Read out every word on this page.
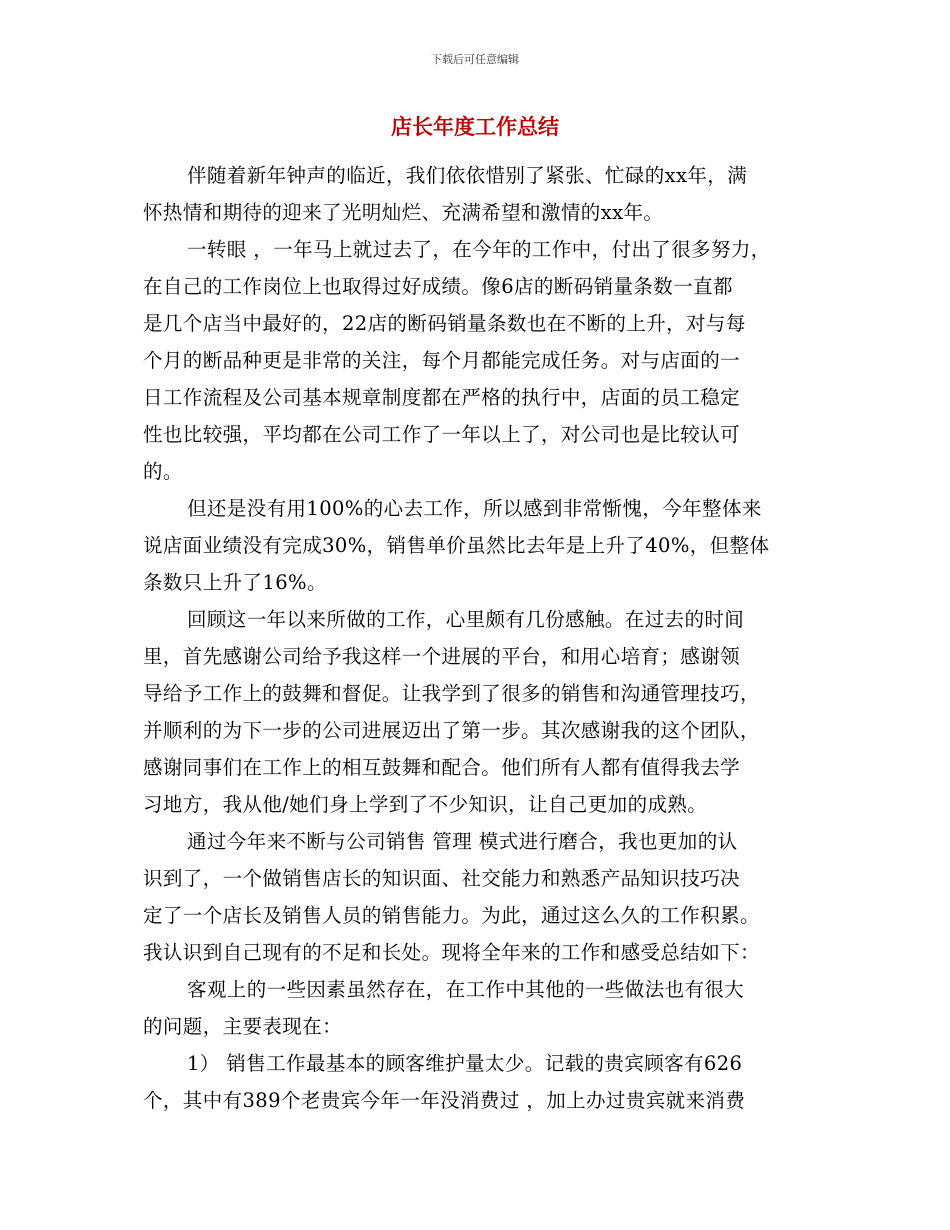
下载后可任意编辑
店长年度工作总结
伴随着新年钟声的临近，我们依依惜别了紧张、忙碌的xx年，满
怀热情和期待的迎来了光明灿烂、充满希望和激情的xx年。
一转眼 ，一年马上就过去了，在今年的工作中，付出了很多努力，
在自己的工作岗位上也取得过好成绩。像6店的断码销量条数一直都
是几个店当中最好的，22店的断码销量条数也在不断的上升，对与每
个月的断品种更是非常的关注，每个月都能完成任务。对与店面的一
日工作流程及公司基本规章制度都在严格的执行中，店面的员工稳定
性也比较强，平均都在公司工作了一年以上了，对公司也是比较认可
的。
但还是没有用100%的心去工作，所以感到非常惭愧，今年整体来
说店面业绩没有完成30%，销售单价虽然比去年是上升了40%，但整体
条数只上升了16%。
回顾这一年以来所做的工作，心里颇有几份感触。在过去的时间
里，首先感谢公司给予我这样一个进展的平台，和用心培育；感谢领
导给予工作上的鼓舞和督促。让我学到了很多的销售和沟通管理技巧，
并顺利的为下一步的公司进展迈出了第一步。其次感谢我的这个团队，
感谢同事们在工作上的相互鼓舞和配合。他们所有人都有值得我去学
习地方，我从他/她们身上学到了不少知识，让自己更加的成熟。
通过今年来不断与公司销售 管理 模式进行磨合，我也更加的认
识到了，一个做销售店长的知识面、社交能力和熟悉产品知识技巧决
定了一个店长及销售人员的销售能力。为此，通过这么久的工作积累。
我认识到自己现有的不足和长处。现将全年来的工作和感受总结如下：
客观上的一些因素虽然存在，在工作中其他的一些做法也有很大
的问题，主要表现在：
1） 销售工作最基本的顾客维护量太少。记载的贵宾顾客有626
个，其中有389个老贵宾今年一年没消费过 ，加上办过贵宾就来消费
